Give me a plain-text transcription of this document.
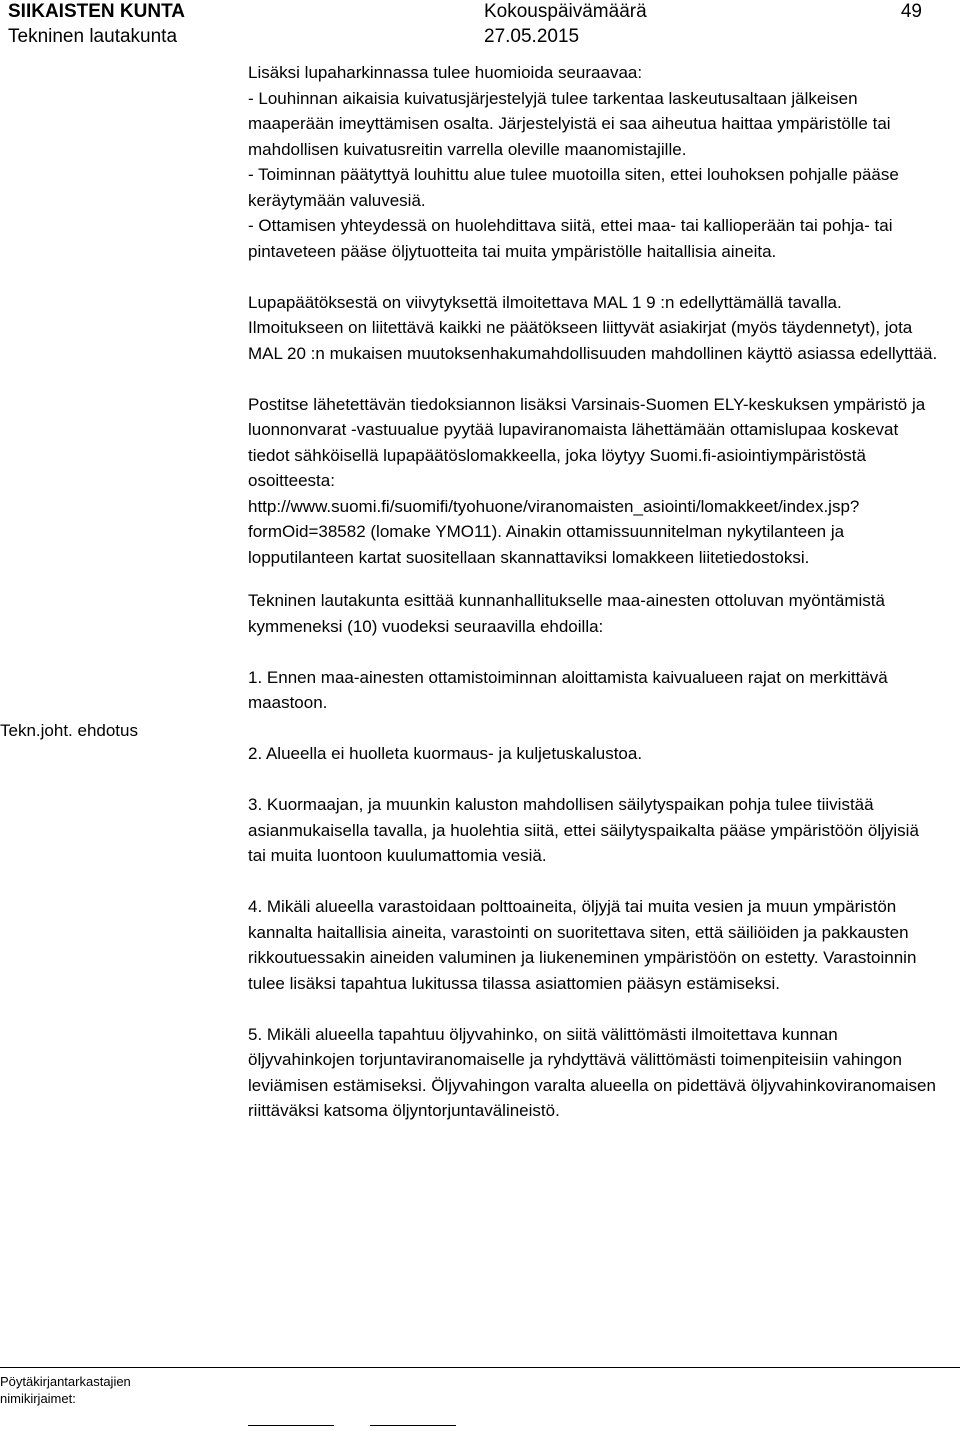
SIIKAISTEN KUNTA
Tekninen lautakunta
Kokouspäivämäärä
27.05.2015
49

Lisäksi lupaharkinnassa tulee huomioida seuraavaa:

- Louhinnan aikaisia kuivatusjärjestelyjä tulee tarkentaa laskeutusaltaan jälkeisen maaperään imeyttämisen osalta. Järjestelyistä ei saa aiheutua haittaa ympäristölle tai mahdollisen kuivatusreitin varrella oleville maanomistajille.

- Toiminnan päätyttyä louhittu alue tulee muotoilla siten, ettei louhoksen pohjalle pääse keräytymään valuvesiä.

- Ottamisen yhteydessä on huolehdittava siitä, ettei maa- tai kallioperään tai pohja- tai pintaveteen pääse öljytuotteita tai muita ympäristölle haitallisia aineita.

Lupapäätöksestä on viivytyksettä ilmoitettava MAL 1 9 :n edellyttämällä tavalla. Ilmoitukseen on liitettävä kaikki ne päätökseen liittyvät asiakirjat (myös täydennetyt), jota MAL 20 :n mukaisen muutoksenhakumahdollisuuden mahdollinen käyttö asiassa edellyttää.

Postitse lähetettävän tiedoksiannon lisäksi Varsinais-Suomen ELY-keskuksen ympäristö ja luonnonvarat -vastuualue pyytää lupaviranomaista lähettämään ottamislupaa koskevat tiedot sähköisellä lupapäätöslomakkeella, joka löytyy Suomi.fi-asiointiympäristöstä osoitteesta: http://www.suomi.fi/suomifi/tyohuone/viranomaisten_asiointi/lomakkeet/index.jsp?formOid=38582 (lomake YMO11). Ainakin ottamissuunnitelman nykytilanteen ja lopputilanteen kartat suositellaan skannattaviksi lomakkeen liitetiedostoksi.

Tekninen lautakunta esittää kunnanhallitukselle maa-ainesten ottoluvan myöntämistä kymmeneksi (10) vuodeksi seuraavilla ehdoilla:

1. Ennen maa-ainesten ottamistoiminnan aloittamista kaivualueen rajat on merkittävä maastoon.

2. Alueella ei huolleta kuormaus- ja kuljetuskalustoa.

3. Kuormaajan, ja muunkin kaluston mahdollisen säilytyspaikan pohja tulee tiivistää asianmukaisella tavalla, ja huolehtia siitä, ettei säilytyspaikalta pääse ympäristöön öljyisiä tai muita luontoon kuulumattomia vesiä.

4. Mikäli alueella varastoidaan polttoaineita, öljyjä tai muita vesien ja muun ympäristön kannalta haitallisia aineita, varastointi on suoritettava siten, että säiliöiden ja pakkausten rikkoutuessakin aineiden valuminen ja liukeneminen ympäristöön on estetty. Varastoinnin tulee lisäksi tapahtua lukitussa tilassa asiattomien pääsyn estämiseksi.

5. Mikäli alueella tapahtuu öljyvahinko, on siitä välittömästi ilmoitettava kunnan öljyvahinkojen torjuntaviranomaiselle ja ryhdyttävä välittömästi toimenpiteisiin vahingon leviämisen estämiseksi. Öljyvahingon varalta alueella on pidettävä öljyvahinkoviranomaisen riittäväksi katsoma öljyntorjuntavälineistö.

Tekn.joht. ehdotus
Pöytäkirjantarkastajien nimikirjaimet:
